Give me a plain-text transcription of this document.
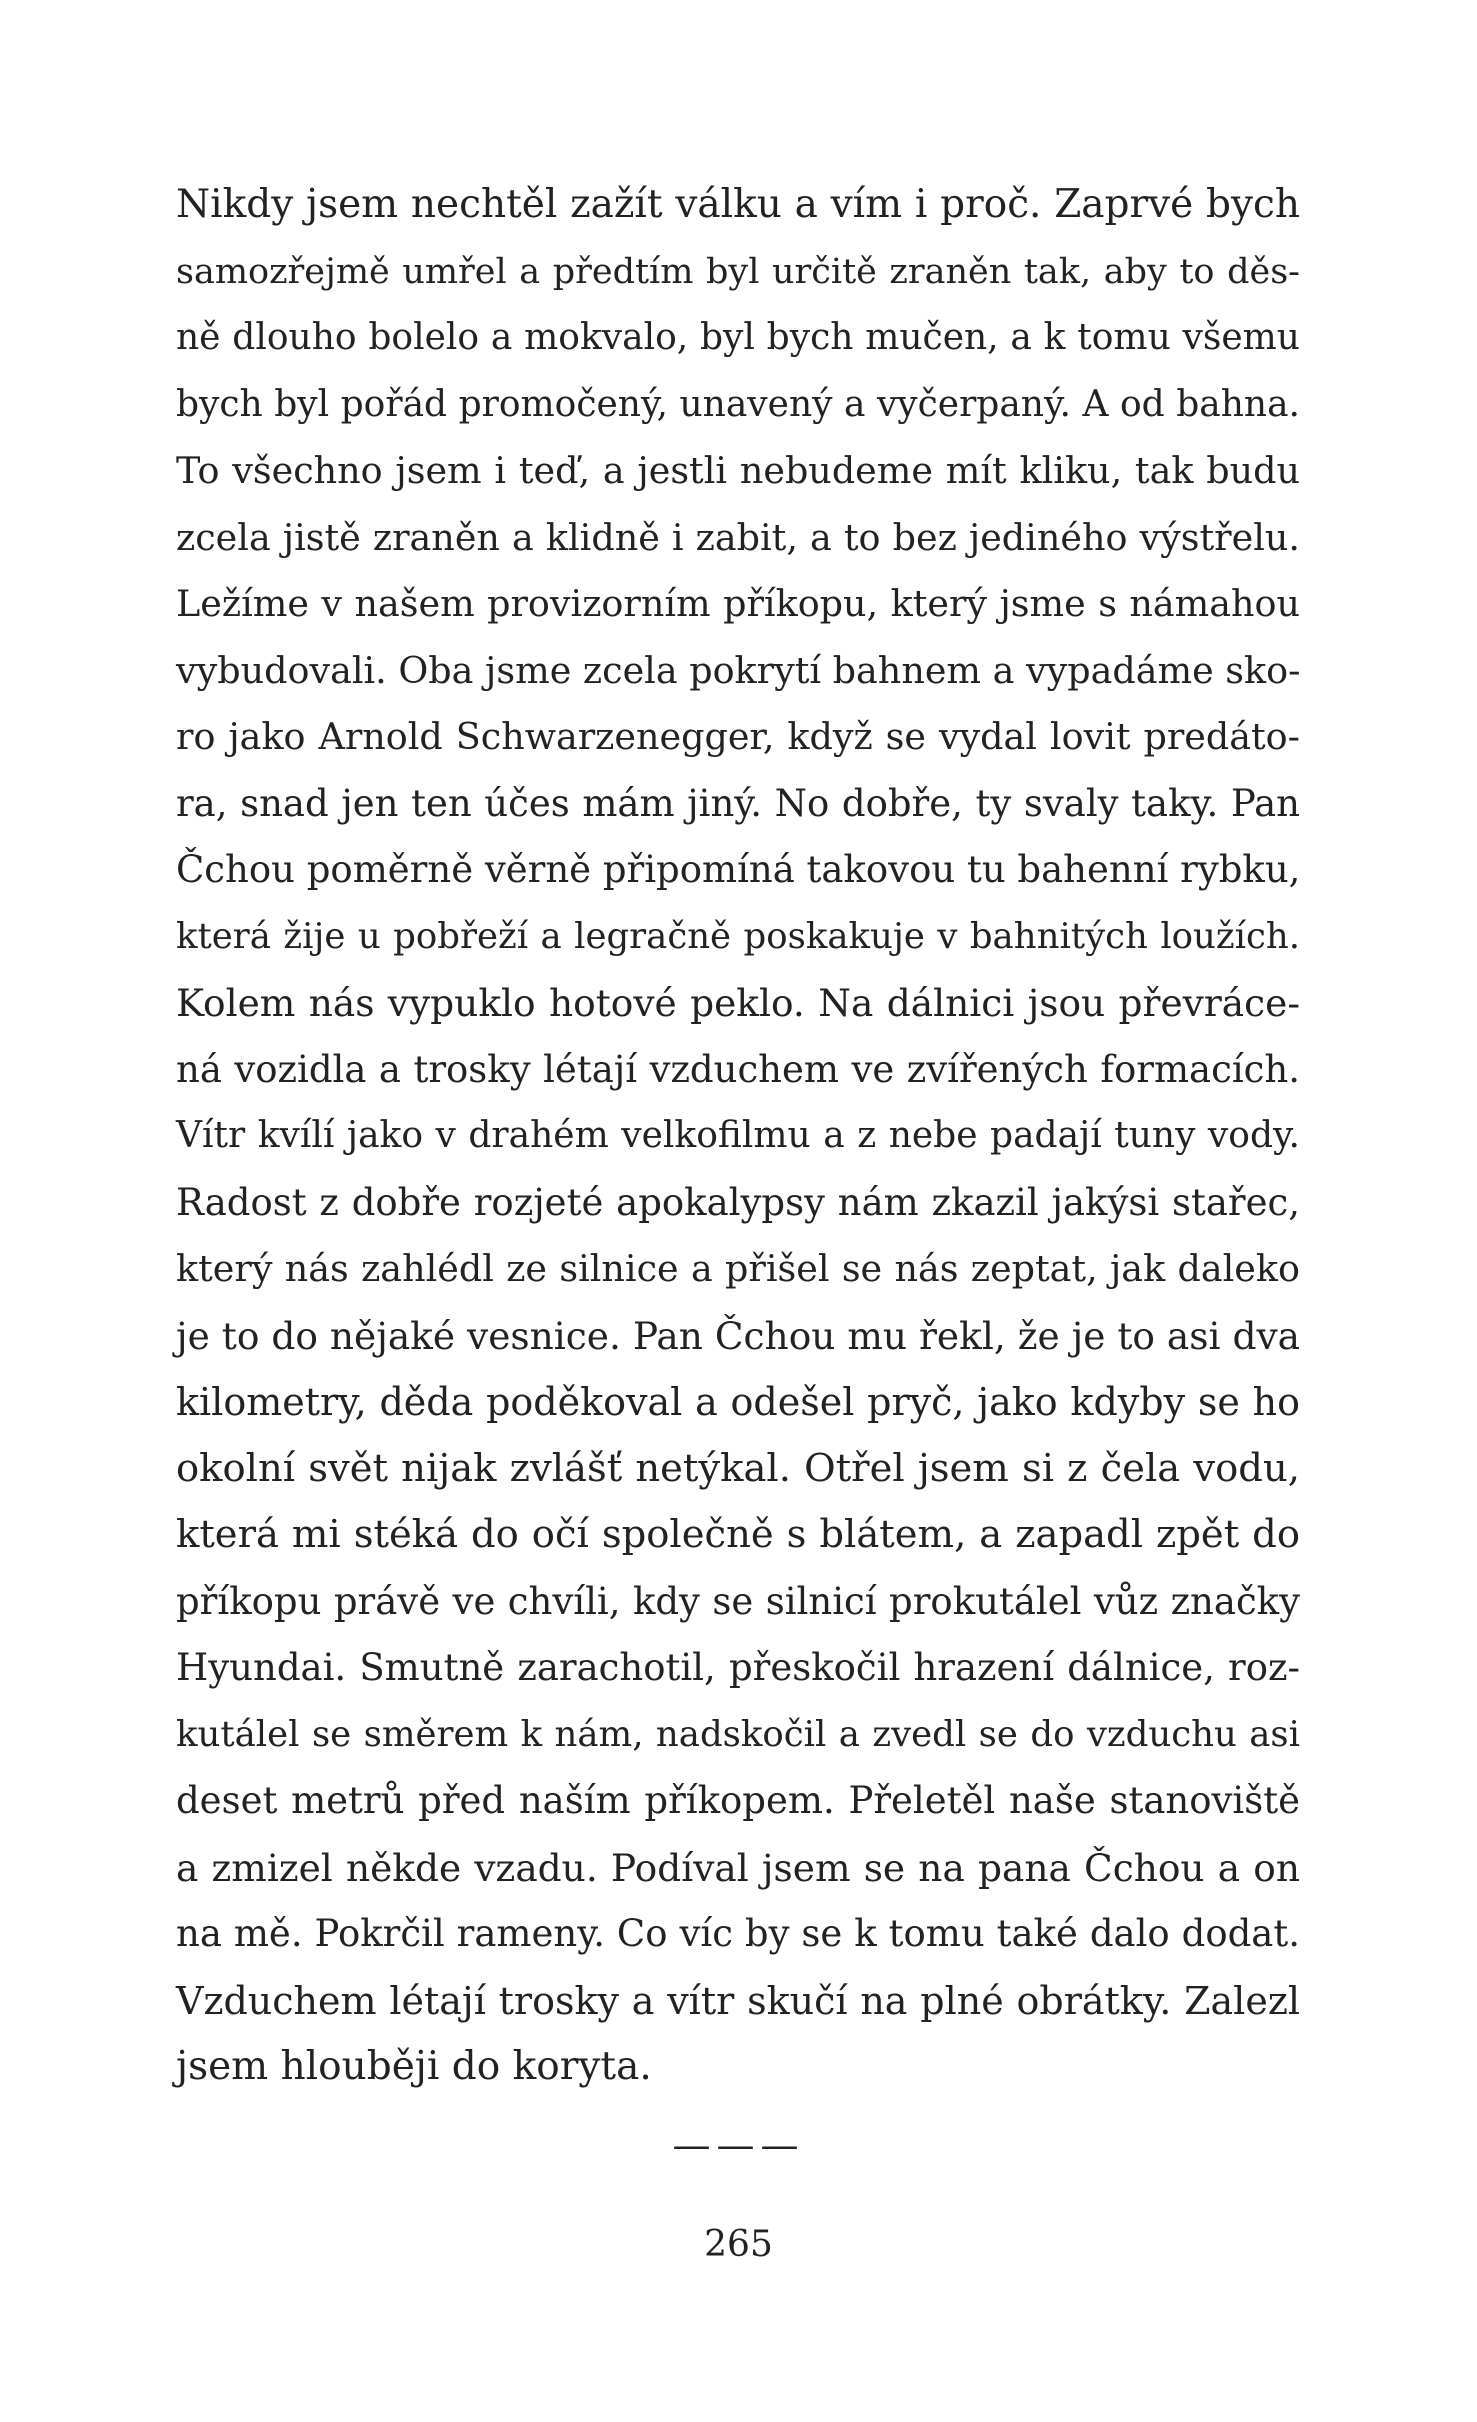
Nikdy jsem nechtěl zažít válku a vím i proč. Zaprvé bych
samozřejmě umřel a předtím byl určitě zraněn tak, aby to děs-
ně dlouho bolelo a mokvalo, byl bych mučen, a k tomu všemu
bych byl pořád promočený, unavený a vyčerpaný. A od bahna.
To všechno jsem i teď, a jestli nebudeme mít kliku, tak budu
zcela jistě zraněn a klidně i zabit, a to bez jediného výstřelu.
Ležíme v našem provizorním příkopu, který jsme s námahou
vybudovali. Oba jsme zcela pokrytí bahnem a vypadáme sko-
ro jako Arnold Schwarzenegger, když se vydal lovit predáto-
ra, snad jen ten účes mám jiný. No dobře, ty svaly taky. Pan
Čchou poměrně věrně připomíná takovou tu bahenní rybku,
která žije u pobřeží a legračně poskakuje v bahnitých loužích.
Kolem nás vypuklo hotové peklo. Na dálnici jsou převráce-
ná vozidla a trosky létají vzduchem ve zvířených formacích.
Vítr kvílí jako v drahém velkofilmu a z nebe padají tuny vody.
Radost z dobře rozjeté apokalypsy nám zkazil jakýsi stařec,
který nás zahlédl ze silnice a přišel se nás zeptat, jak daleko
je to do nějaké vesnice. Pan Čchou mu řekl, že je to asi dva
kilometry, děda poděkoval a odešel pryč, jako kdyby se ho
okolní svět nijak zvlášť netýkal. Otřel jsem si z čela vodu,
která mi stéká do očí společně s blátem, a zapadl zpět do
příkopu právě ve chvíli, kdy se silnicí prokutálel vůz značky
Hyundai. Smutně zarachotil, přeskočil hrazení dálnice, roz-
kutálel se směrem k nám, nadskočil a zvedl se do vzduchu asi
deset metrů před naším příkopem. Přeletěl naše stanoviště
a zmizel někde vzadu. Podíval jsem se na pana Čchou a on
na mě. Pokrčil rameny. Co víc by se k tomu také dalo dodat.
Vzduchem létají trosky a vítr skučí na plné obrátky. Zalezl
jsem hlouběji do koryta.
———
265
